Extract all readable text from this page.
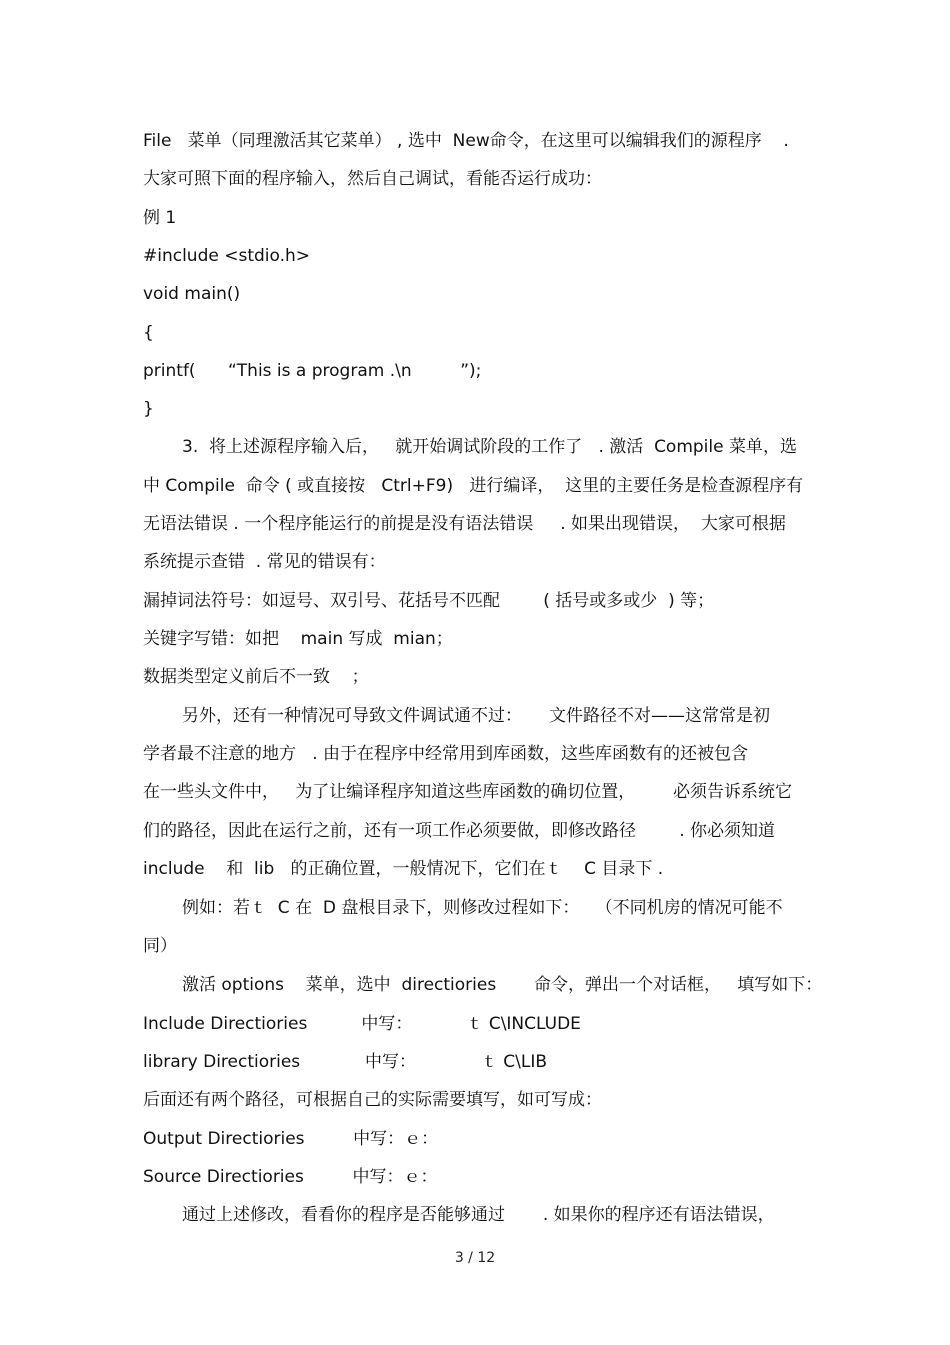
File   菜单（同理激活其它菜单） , 选中  New命令，在这里可以编辑我们的源程序    .
大家可照下面的程序输入，然后自己调试，看能否运行成功：
例 1
#include <stdio.h>
void main()
{
printf(      “This is a program .\n         ”);
}
3.  将上述源程序输入后，   就开始调试阶段的工作了   . 激活  Compile 菜单，选
中 Compile  命令 ( 或直接按   Ctrl+F9)   进行编译，  这里的主要任务是检查源程序有
无语法错误 . 一个程序能运行的前提是没有语法错误     . 如果出现错误，  大家可根据
系统提示查错  . 常见的错误有：
漏掉词法符号：如逗号、双引号、花括号不匹配        ( 括号或多或少  ) 等；
关键字写错：如把    main 写成  mian；
数据类型定义前后不一致    ；
另外，还有一种情况可导致文件调试通不过：     文件路径不对——这常常是初
学者最不注意的地方   . 由于在程序中经常用到库函数，这些库函数有的还被包含
在一些头文件中，   为了让编译程序知道这些库函数的确切位置，       必须告诉系统它
们的路径，因此在运行之前，还有一项工作必须要做，即修改路径        . 你必须知道
include    和  lib   的正确位置，一般情况下，它们在ｔ    C 目录下 .
例如：若ｔ  C 在  D 盘根目录下，则修改过程如下：   （不同机房的情况可能不
同）
激活 options    菜单，选中  directiories       命令，弹出一个对话框，   填写如下：
Include Directiories          中写：          ｔ C\INCLUDE
library Directiories            中写：            ｔ C\LIB
后面还有两个路径，可根据自己的实际需要填写，如可写成：
Output Directiories         中写：ｅ：
Source Directiories         中写：ｅ：
通过上述修改，看看你的程序是否能够通过       . 如果你的程序还有语法错误，
3 / 12
